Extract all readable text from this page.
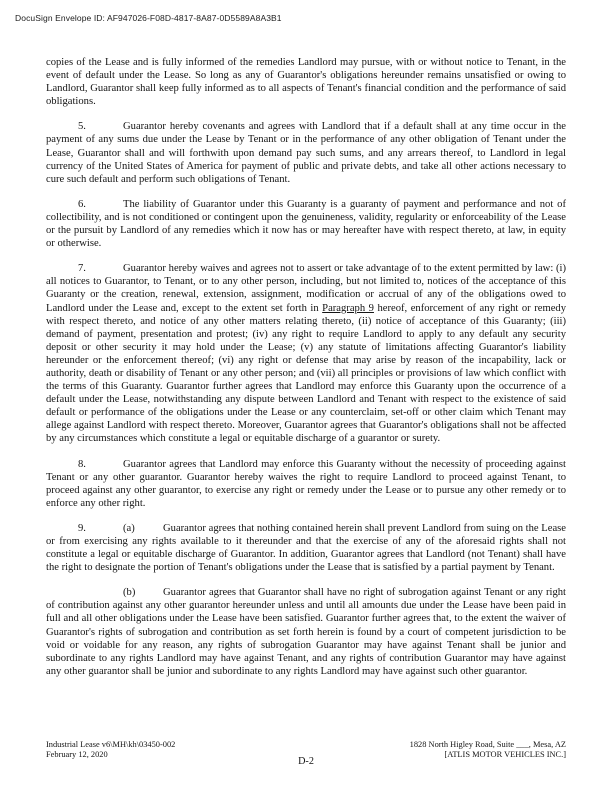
DocuSign Envelope ID: AF947026-F08D-4817-8A87-0D5589A8A3B1

copies of the Lease and is fully informed of the remedies Landlord may pursue, with or without notice to Tenant, in the event of default under the Lease. So long as any of Guarantor's obligations hereunder remains unsatisfied or owing to Landlord, Guarantor shall keep fully informed as to all aspects of Tenant's financial condition and the performance of said obligations.

5.	Guarantor hereby covenants and agrees with Landlord that if a default shall at any time occur in the payment of any sums due under the Lease by Tenant or in the performance of any other obligation of Tenant under the Lease, Guarantor shall and will forthwith upon demand pay such sums, and any arrears thereof, to Landlord in legal currency of the United States of America for payment of public and private debts, and take all other actions necessary to cure such default and perform such obligations of Tenant.

6.	The liability of Guarantor under this Guaranty is a guaranty of payment and performance and not of collectibility, and is not conditioned or contingent upon the genuineness, validity, regularity or enforceability of the Lease or the pursuit by Landlord of any remedies which it now has or may hereafter have with respect thereto, at law, in equity or otherwise.

7.	Guarantor hereby waives and agrees not to assert or take advantage of to the extent permitted by law: (i) all notices to Guarantor, to Tenant, or to any other person, including, but not limited to, notices of the acceptance of this Guaranty or the creation, renewal, extension, assignment, modification or accrual of any of the obligations owed to Landlord under the Lease and, except to the extent set forth in Paragraph 9 hereof, enforcement of any right or remedy with respect thereto, and notice of any other matters relating thereto, (ii) notice of acceptance of this Guaranty; (iii) demand of payment, presentation and protest; (iv) any right to require Landlord to apply to any default any security deposit or other security it may hold under the Lease; (v) any statute of limitations affecting Guarantor's liability hereunder or the enforcement thereof; (vi) any right or defense that may arise by reason of the incapability, lack or authority, death or disability of Tenant or any other person; and (vii) all principles or provisions of law which conflict with the terms of this Guaranty. Guarantor further agrees that Landlord may enforce this Guaranty upon the occurrence of a default under the Lease, notwithstanding any dispute between Landlord and Tenant with respect to the existence of said default or performance of the obligations under the Lease or any counterclaim, set-off or other claim which Tenant may allege against Landlord with respect thereto. Moreover, Guarantor agrees that Guarantor's obligations shall not be affected by any circumstances which constitute a legal or equitable discharge of a guarantor or surety.

8.	Guarantor agrees that Landlord may enforce this Guaranty without the necessity of proceeding against Tenant or any other guarantor. Guarantor hereby waives the right to require Landlord to proceed against Tenant, to proceed against any other guarantor, to exercise any right or remedy under the Lease or to pursue any other remedy or to enforce any other right.

9.	(a)	Guarantor agrees that nothing contained herein shall prevent Landlord from suing on the Lease or from exercising any rights available to it thereunder and that the exercise of any of the aforesaid rights shall not constitute a legal or equitable discharge of Guarantor. In addition, Guarantor agrees that Landlord (not Tenant) shall have the right to designate the portion of Tenant's obligations under the Lease that is satisfied by a partial payment by Tenant.

(b)	Guarantor agrees that Guarantor shall have no right of subrogation against Tenant or any right of contribution against any other guarantor hereunder unless and until all amounts due under the Lease have been paid in full and all other obligations under the Lease have been satisfied. Guarantor further agrees that, to the extent the waiver of Guarantor's rights of subrogation and contribution as set forth herein is found by a court of competent jurisdiction to be void or voidable for any reason, any rights of subrogation Guarantor may have against Tenant shall be junior and subordinate to any rights Landlord may have against Tenant, and any rights of contribution Guarantor may have against any other guarantor shall be junior and subordinate to any rights Landlord may have against such other guarantor.

Industrial Lease v6\MH\kh\03450-002
February 12, 2020
1828 North Higley Road, Suite ___, Mesa, AZ
[ATLIS MOTOR VEHICLES INC.]
D-2
